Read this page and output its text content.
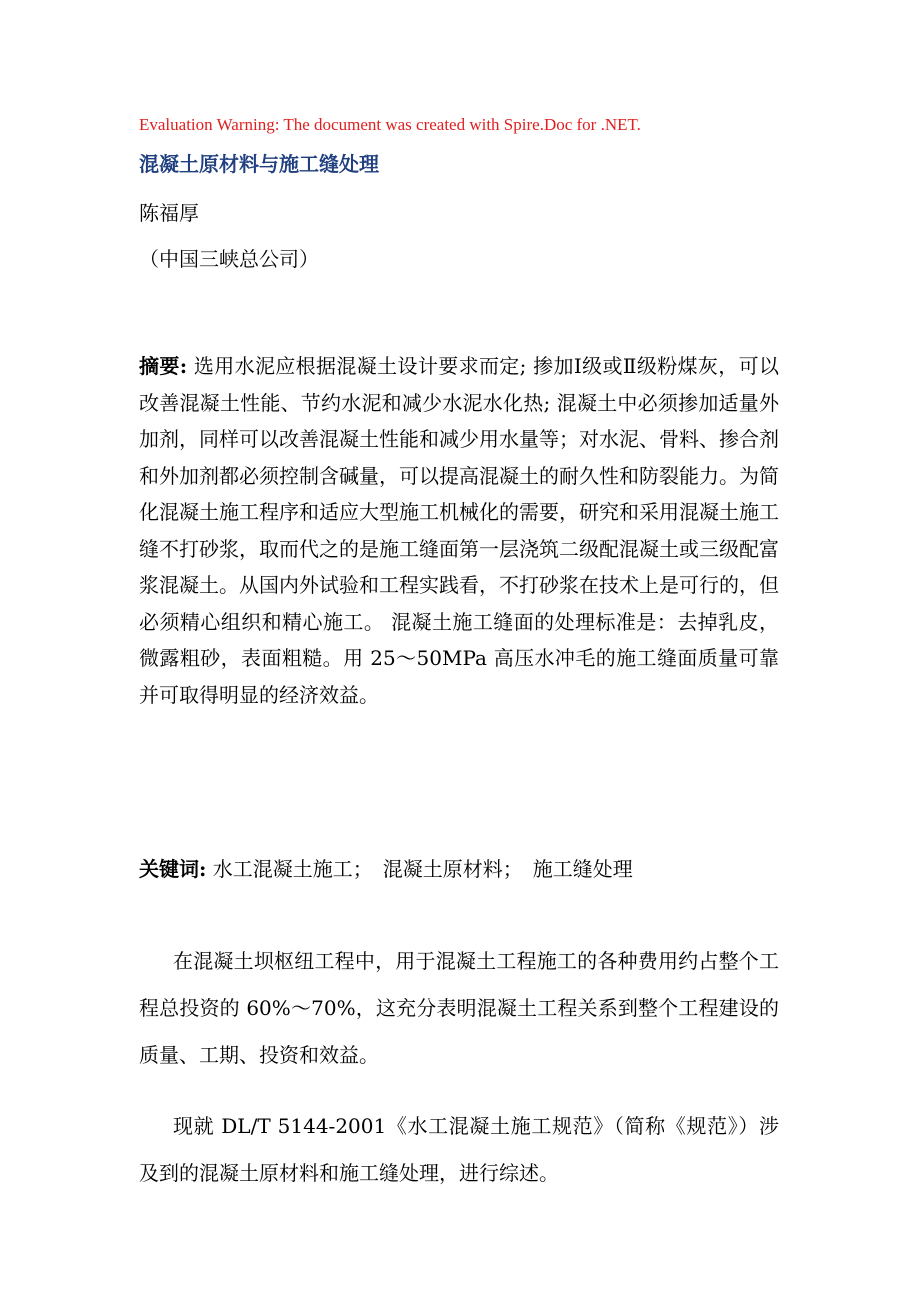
Evaluation Warning: The document was created with Spire.Doc for .NET.
混凝土原材料与施工缝处理
陈福厚
（中国三峡总公司）
摘要: 选用水泥应根据混凝土设计要求而定; 掺加Ⅰ级或Ⅱ级粉煤灰，可以改善混凝土性能、节约水泥和减少水泥水化热; 混凝土中必须掺加适量外加剂，同样可以改善混凝土性能和减少用水量等；对水泥、骨料、掺合剂和外加剂都必须控制含碱量，可以提高混凝土的耐久性和防裂能力。为简化混凝土施工程序和适应大型施工机械化的需要，研究和采用混凝土施工缝不打砂浆，取而代之的是施工缝面第一层浇筑二级配混凝土或三级配富浆混凝土。从国内外试验和工程实践看，不打砂浆在技术上是可行的，但必须精心组织和精心施工。 混凝土施工缝面的处理标准是：去掉乳皮，微露粗砂，表面粗糙。用 25～50MPa 高压水冲毛的施工缝面质量可靠并可取得明显的经济效益。
关键词: 水工混凝土施工；　混凝土原材料；　施工缝处理
在混凝土坝枢纽工程中，用于混凝土工程施工的各种费用约占整个工程总投资的 60%～70%，这充分表明混凝土工程关系到整个工程建设的质量、工期、投资和效益。
现就 DL/T 5144-2001《水工混凝土施工规范》（简称《规范》）涉及到的混凝土原材料和施工缝处理，进行综述。
